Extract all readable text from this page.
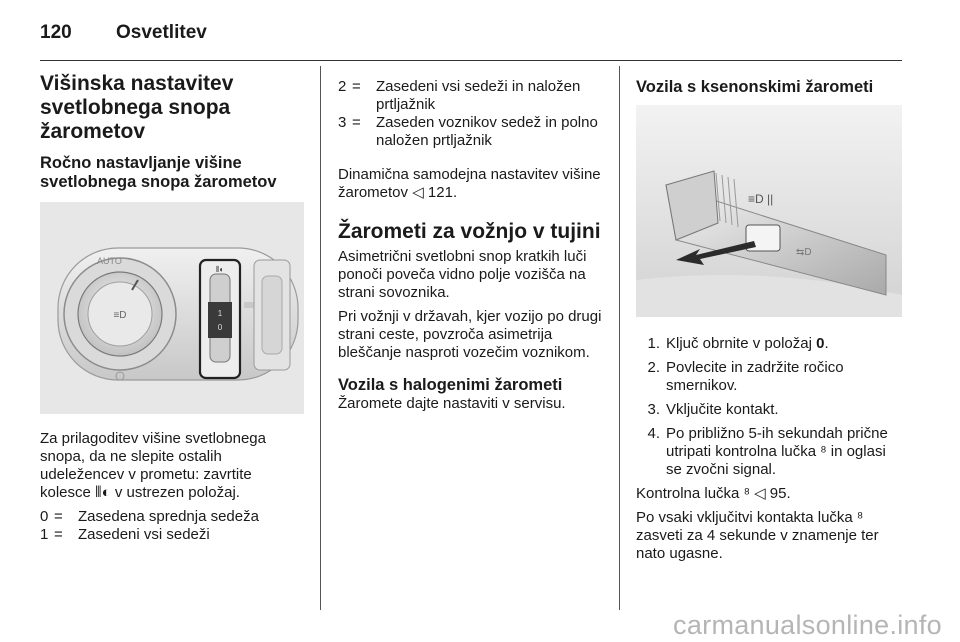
120 Osvetlitev
Višinska nastavitev svetlobnega snopa žarometov
Ročno nastavljanje višine svetlobnega snopa žarometov
≡D
AUTO
1
0
⦀◐

Za prilagoditev višine svetlobnega snopa, da ne slepite ostalih udeležencev v prometu: zavrtite kolesce ⦀◐ v ustrezen položaj.

0 =	Zasedena sprednja sedeža
1 =	Zasedeni vsi sedeži
2 =	Zasedeni vsi sedeži in naložen prtljažnik
3 =	Zaseden voznikov sedež in polno naložen prtljažnik

Dinamična samodejna nastavitev višine žarometov ◁ 121.

Žarometi za vožnjo v tujini

Asimetrični svetlobni snop kratkih luči ponoči poveča vidno polje vozišča na strani sovoznika.

Pri vožnji v državah, kjer vozijo po drugi strani ceste, povzroča asimetrija bleščanje nasproti vozečim voznikom.

Vozila s halogenimi žarometi

Žaromete dajte nastaviti v servisu.

Vozila s ksenonskimi žarometi
≡D ||
⇆D
1. Ključ obrnite v položaj 0.
2. Povlecite in zadržite ročico smernikov.
3. Vključite kontakt.
4. Po približno 5-ih sekundah prične utripati kontrolna lučka ⁸ in oglasi se zvočni signal.

Kontrolna lučka ⁸ ◁ 95.

Po vsaki vključitvi kontakta lučka ⁸ zasveti za 4 sekunde v znamenje ter nato ugasne.

carmanualsonline.info
